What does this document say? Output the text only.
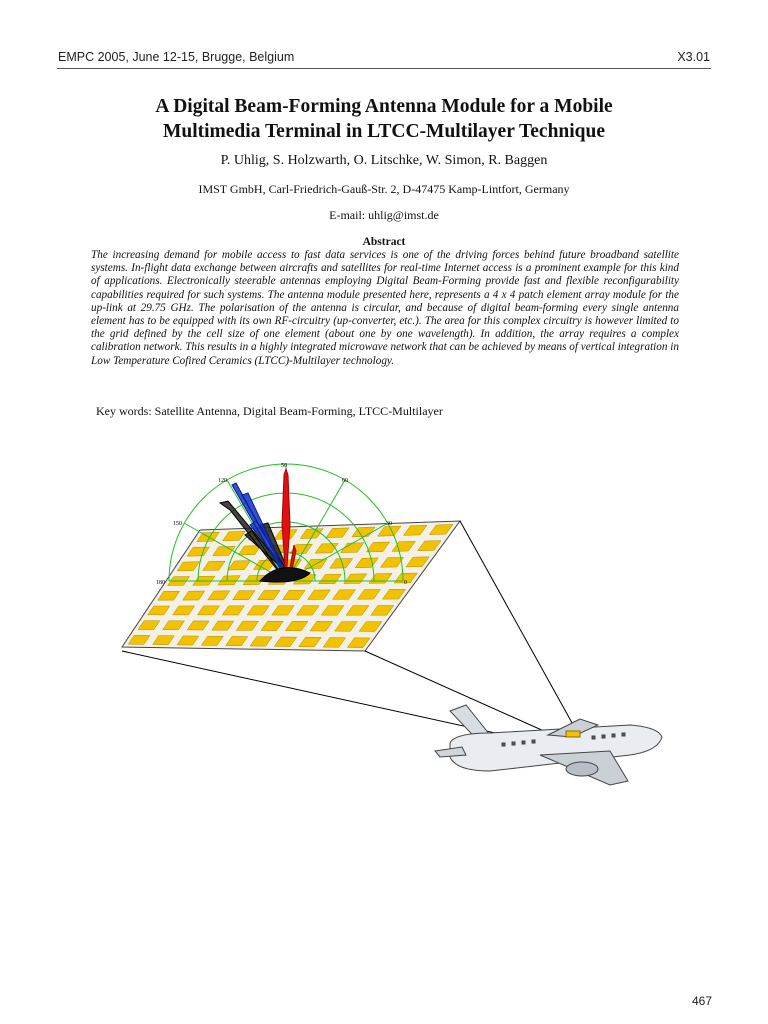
EMPC 2005, June 12-15, Brugge, Belgium	X3.01
A Digital Beam-Forming Antenna Module for a Mobile
Multimedia Terminal in LTCC-Multilayer Technique
P. Uhlig, S. Holzwarth, O. Litschke, W. Simon, R. Baggen
IMST GmbH, Carl-Friedrich-Gauß-Str. 2, D-47475 Kamp-Lintfort, Germany
E-mail: uhlig@imst.de
Abstract
The increasing demand for mobile access to fast data services is one of the driving forces behind future broadband satellite systems. In-flight data exchange between aircrafts and satellites for real-time Internet access is a prominent example for this kind of applications. Electronically steerable antennas employing Digital Beam-Forming provide fast and flexible reconfigurability capabilities required for such systems. The antenna module presented here, represents a 4 x 4 patch element array module for the up-link at 29.75 GHz. The polarisation of the antenna is circular, and because of digital beam-forming every single antenna element has to be equipped with its own RF-circuitry (up-converter, etc.). The area for this complex circuitry is however limited to the grid defined by the cell size of one element (about one by one wavelength). In addition, the array requires a complex calibration network. This results in a highly integrated microwave network that can be achieved by means of vertical integration in Low Temperature Cofired Ceramics (LTCC)-Multilayer technology.
Key words: Satellite Antenna, Digital Beam-Forming, LTCC-Multilayer
50
120	60
150	30
180	0
467
